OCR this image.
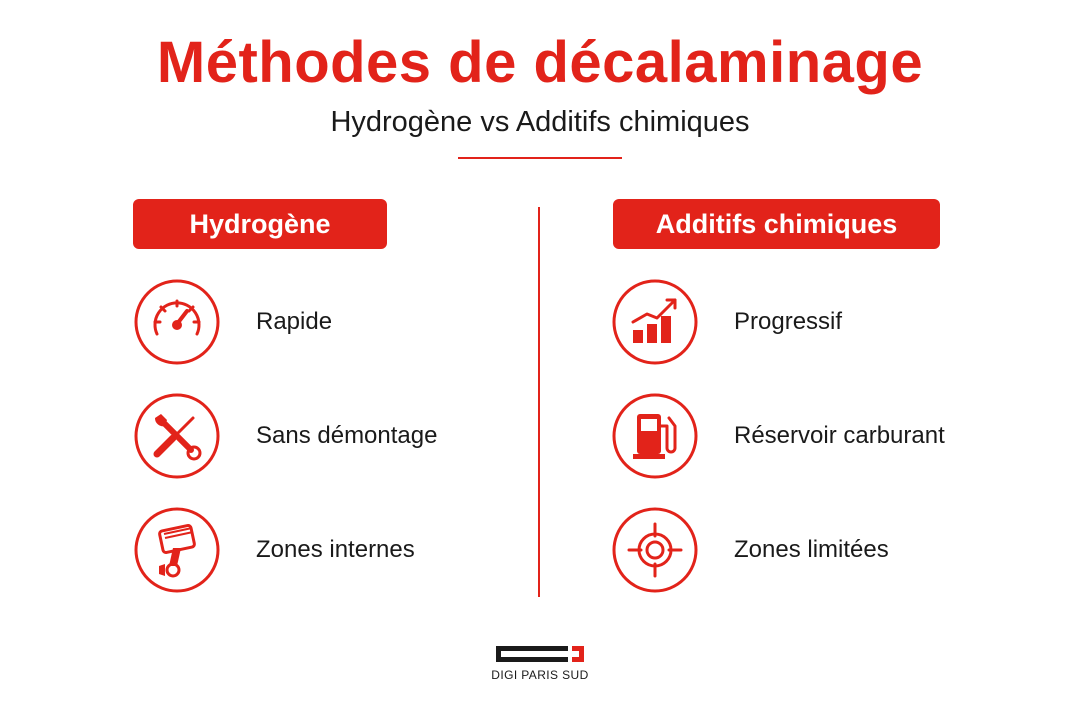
Méthodes de décalaminage
Hydrogène vs Additifs chimiques
Hydrogène
Rapide
Sans démontage
Zones internes
Additifs chimiques
Progressif
Réservoir carburant
Zones limitées
DIGI PARIS SUD
